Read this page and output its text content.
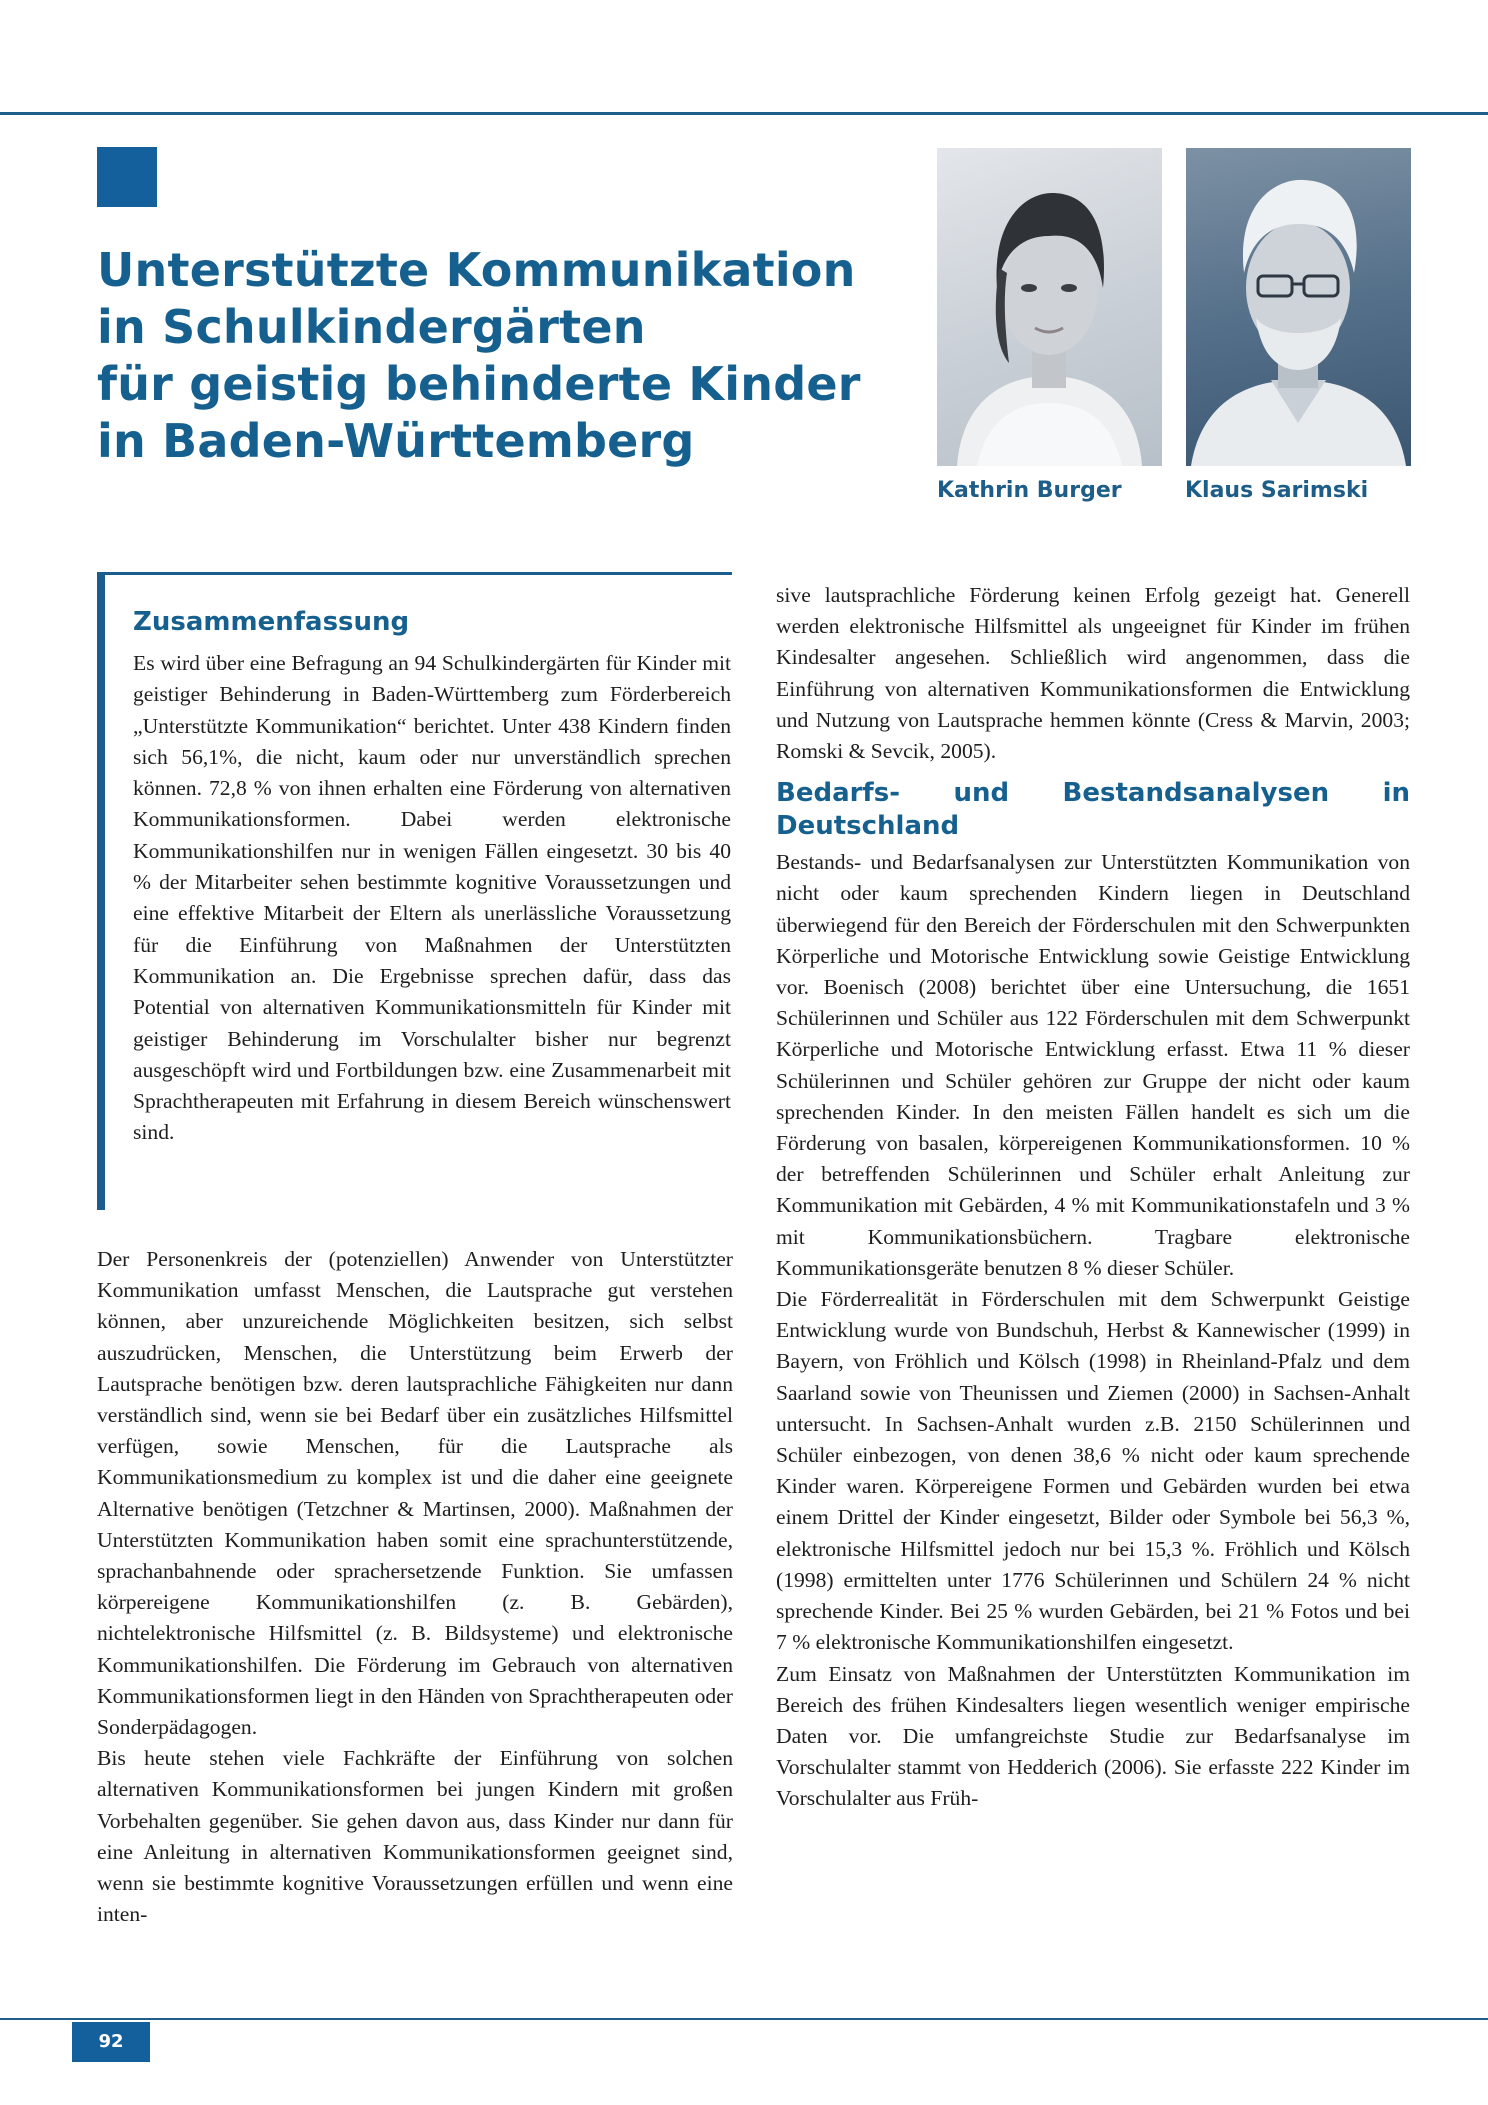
Unterstützte Kommunikation
in Schulkindergärten
für geistig behinderte Kinder
in Baden-Württemberg

Kathrin Burger	Klaus Sarimski

Zusammenfassung

Es wird über eine Befragung an 94 Schulkindergärten für Kinder mit geistiger Behinderung in Baden-Württemberg zum Förderbereich „Unterstützte Kommunikation“ berichtet. Unter 438 Kindern finden sich 56,1%, die nicht, kaum oder nur unverständlich sprechen können. 72,8 % von ihnen erhalten eine Förderung von alternativen Kommunikationsformen. Dabei werden elektronische Kommunikationshilfen nur in wenigen Fällen eingesetzt. 30 bis 40 % der Mitarbeiter sehen bestimmte kognitive Voraussetzungen und eine effektive Mitarbeit der Eltern als unerlässliche Voraussetzung für die Einführung von Maßnahmen der Unterstützten Kommunikation an. Die Ergebnisse sprechen dafür, dass das Potential von alternativen Kommunikationsmitteln für Kinder mit geistiger Behinderung im Vorschulalter bisher nur begrenzt ausgeschöpft wird und Fortbildungen bzw. eine Zusammenarbeit mit Sprachtherapeuten mit Erfahrung in diesem Bereich wünschenswert sind.

Der Personenkreis der (potenziellen) Anwender von Unterstützter Kommunikation umfasst Menschen, die Lautsprache gut verstehen können, aber unzureichende Möglichkeiten besitzen, sich selbst auszudrücken, Menschen, die Unterstützung beim Erwerb der Lautsprache benötigen bzw. deren lautsprachliche Fähigkeiten nur dann verständlich sind, wenn sie bei Bedarf über ein zusätzliches Hilfsmittel verfügen, sowie Menschen, für die Lautsprache als Kommunikationsmedium zu komplex ist und die daher eine geeignete Alternative benötigen (Tetzchner & Martinsen, 2000). Maßnahmen der Unterstützten Kommunikation haben somit eine sprachunterstützende, sprachanbahnende oder sprachersetzende Funktion. Sie umfassen körpereigene Kommunikationshilfen (z. B. Gebärden), nichtelektronische Hilfsmittel (z. B. Bildsysteme) und elektronische Kommunikationshilfen. Die Förderung im Gebrauch von alternativen Kommunikationsformen liegt in den Händen von Sprachtherapeuten oder Sonderpädagogen.

Bis heute stehen viele Fachkräfte der Einführung von solchen alternativen Kommunikationsformen bei jungen Kindern mit großen Vorbehalten gegenüber. Sie gehen davon aus, dass Kinder nur dann für eine Anleitung in alternativen Kommunikationsformen geeignet sind, wenn sie bestimmte kognitive Voraussetzungen erfüllen und wenn eine inten-

sive lautsprachliche Förderung keinen Erfolg gezeigt hat. Generell werden elektronische Hilfsmittel als ungeeignet für Kinder im frühen Kindesalter angesehen. Schließlich wird angenommen, dass die Einführung von alternativen Kommunikationsformen die Entwicklung und Nutzung von Lautsprache hemmen könnte (Cress & Marvin, 2003; Romski & Sevcik, 2005).

Bedarfs- und Bestandsanalysen in Deutschland

Bestands- und Bedarfsanalysen zur Unterstützten Kommunikation von nicht oder kaum sprechenden Kindern liegen in Deutschland überwiegend für den Bereich der Förderschulen mit den Schwerpunkten Körperliche und Motorische Entwicklung sowie Geistige Entwicklung vor. Boenisch (2008) berichtet über eine Untersuchung, die 1651 Schülerinnen und Schüler aus 122 Förderschulen mit dem Schwerpunkt Körperliche und Motorische Entwicklung erfasst. Etwa 11 % dieser Schülerinnen und Schüler gehören zur Gruppe der nicht oder kaum sprechenden Kinder. In den meisten Fällen handelt es sich um die Förderung von basalen, körpereigenen Kommunikationsformen. 10 % der betreffenden Schülerinnen und Schüler erhalt Anleitung zur Kommunikation mit Gebärden, 4 % mit Kommunikationstafeln und 3 % mit Kommunikationsbüchern. Tragbare elektronische Kommunikationsgeräte benutzen 8 % dieser Schüler.

Die Förderrealität in Förderschulen mit dem Schwerpunkt Geistige Entwicklung wurde von Bundschuh, Herbst & Kannewischer (1999) in Bayern, von Fröhlich und Kölsch (1998) in Rheinland-Pfalz und dem Saarland sowie von Theunissen und Ziemen (2000) in Sachsen-Anhalt untersucht. In Sachsen-Anhalt wurden z.B. 2150 Schülerinnen und Schüler einbezogen, von denen 38,6 % nicht oder kaum sprechende Kinder waren. Körpereigene Formen und Gebärden wurden bei etwa einem Drittel der Kinder eingesetzt, Bilder oder Symbole bei 56,3 %, elektronische Hilfsmittel jedoch nur bei 15,3 %. Fröhlich und Kölsch (1998) ermittelten unter 1776 Schülerinnen und Schülern 24 % nicht sprechende Kinder. Bei 25 % wurden Gebärden, bei 21 % Fotos und bei 7 % elektronische Kommunikationshilfen eingesetzt.

Zum Einsatz von Maßnahmen der Unterstützten Kommunikation im Bereich des frühen Kindesalters liegen wesentlich weniger empirische Daten vor. Die umfangreichste Studie zur Bedarfsanalyse im Vorschulalter stammt von Hedderich (2006). Sie erfasste 222 Kinder im Vorschulalter aus Früh-

92
